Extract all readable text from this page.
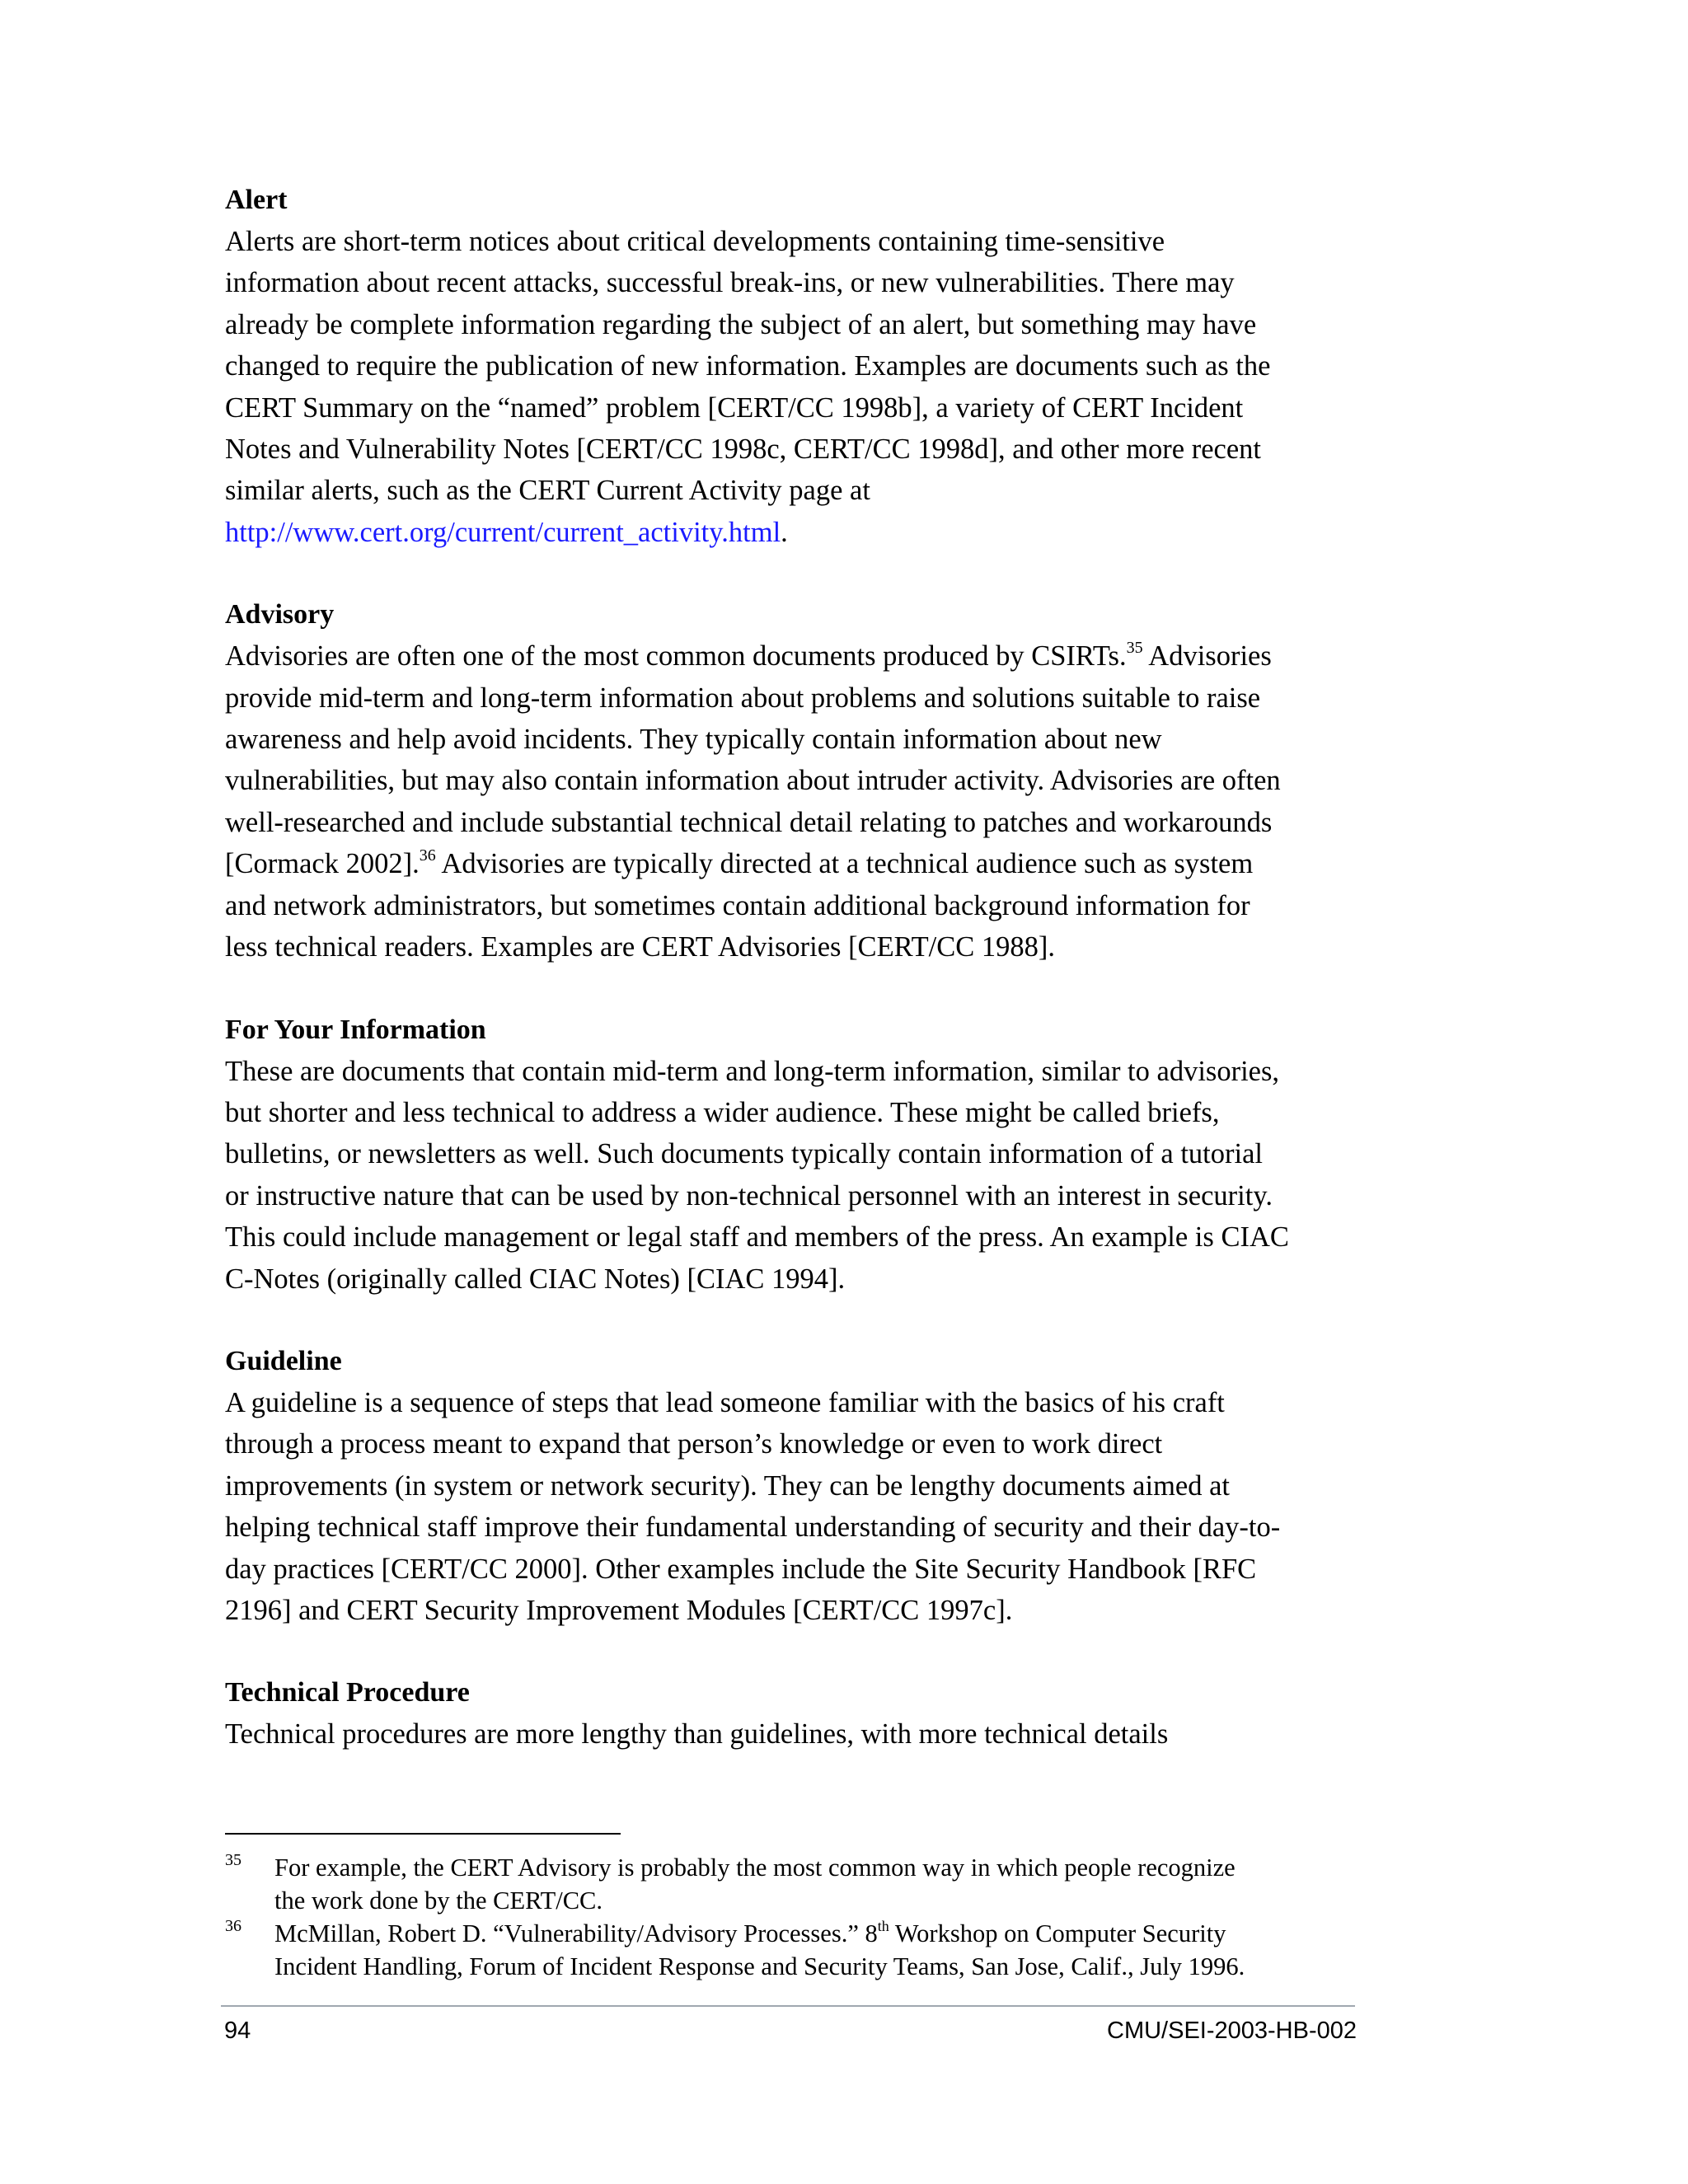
Alert

Alerts are short-term notices about critical developments containing time-sensitive
information about recent attacks, successful break-ins, or new vulnerabilities. There may
already be complete information regarding the subject of an alert, but something may have
changed to require the publication of new information. Examples are documents such as the
CERT Summary on the “named” problem [CERT/CC 1998b], a variety of CERT Incident
Notes and Vulnerability Notes [CERT/CC 1998c, CERT/CC 1998d], and other more recent
similar alerts, such as the CERT Current Activity page at
http://www.cert.org/current/current_activity.html.

Advisory

Advisories are often one of the most common documents produced by CSIRTs.$^{35}$ Advisories
provide mid-term and long-term information about problems and solutions suitable to raise
awareness and help avoid incidents. They typically contain information about new
vulnerabilities, but may also contain information about intruder activity. Advisories are often
well-researched and include substantial technical detail relating to patches and workarounds
[Cormack 2002].$^{36}$ Advisories are typically directed at a technical audience such as system
and network administrators, but sometimes contain additional background information for
less technical readers. Examples are CERT Advisories [CERT/CC 1988].

For Your Information

These are documents that contain mid-term and long-term information, similar to advisories,
but shorter and less technical to address a wider audience. These might be called briefs,
bulletins, or newsletters as well. Such documents typically contain information of a tutorial
or instructive nature that can be used by non-technical personnel with an interest in security.
This could include management or legal staff and members of the press. An example is CIAC
C-Notes (originally called CIAC Notes) [CIAC 1994].

Guideline

A guideline is a sequence of steps that lead someone familiar with the basics of his craft
through a process meant to expand that person’s knowledge or even to work direct
improvements (in system or network security). They can be lengthy documents aimed at
helping technical staff improve their fundamental understanding of security and their day-to-
day practices [CERT/CC 2000]. Other examples include the Site Security Handbook [RFC
2196] and CERT Security Improvement Modules [CERT/CC 1997c].

Technical Procedure

Technical procedures are more lengthy than guidelines, with more technical details

35 For example, the CERT Advisory is probably the most common way in which people recognize
the work done by the CERT/CC.
36 McMillan, Robert D. “Vulnerability/Advisory Processes.” 8th Workshop on Computer Security
Incident Handling, Forum of Incident Response and Security Teams, San Jose, Calif., July 1996.
94	CMU/SEI-2003-HB-002
